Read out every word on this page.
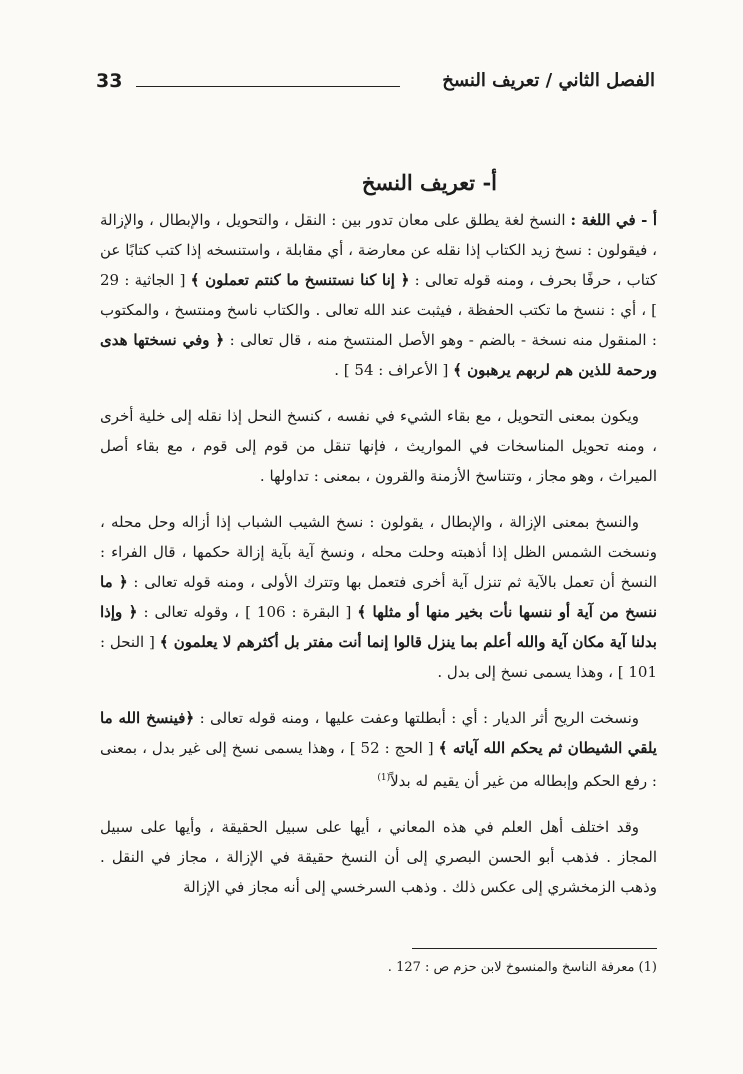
33	الفصل الثاني / تعريف النسخ
أ- تعريف النسخ

أ - في اللغة : النسخ لغة يطلق على معان تدور بين : النقل ، والتحويل ، والإبطال ، والإزالة ، فيقولون : نسخ زيد الكتاب إذا نقله عن معارضة ، أي مقابلة ، واستنسخه إذا كتب كتابًا عن كتاب ، حرفًا بحرف ، ومنه قوله تعالى : ﴿ إنا كنا نستنسخ ما كنتم تعملون ﴾ [ الجاثية : 29 ] ، أي : ننسخ ما تكتب الحفظة ، فيثبت عند الله تعالى . والكتاب ناسخ ومنتسخ ، والمكتوب : المنقول منه نسخة - بالضم - وهو الأصل المنتسخ منه ، قال تعالى : ﴿ وفي نسختها هدى ورحمة للذين هم لربهم يرهبون ﴾ [ الأعراف : 54 ] .

ويكون بمعنى التحويل ، مع بقاء الشيء في نفسه ، كنسخ النحل إذا نقله إلى خلية أخرى ، ومنه تحويل المناسخات في المواريث ، فإنها تنقل من قوم إلى قوم ، مع بقاء أصل الميراث ، وهو مجاز ، وتتناسخ الأزمنة والقرون ، بمعنى : تداولها .

والنسخ بمعنى الإزالة ، والإبطال ، يقولون : نسخ الشيب الشباب إذا أزاله وحل محله ، ونسخت الشمس الظل إذا أذهبته وحلت محله ، ونسخ آية بآية إزالة حكمها ، قال الفراء : النسخ أن تعمل بالآية ثم تنزل آية أخرى فتعمل بها وتترك الأولى ، ومنه قوله تعالى : ﴿ ما ننسخ من آية أو ننسها نأت بخير منها أو مثلها ﴾ [ البقرة : 106 ] ، وقوله تعالى : ﴿ وإذا بدلنا آية مكان آية والله أعلم بما ينزل قالوا إنما أنت مفتر بل أكثرهم لا يعلمون ﴾ [ النحل : 101 ] ، وهذا يسمى نسخ إلى بدل .

ونسخت الريح أثر الديار : أي : أبطلتها وعفت عليها ، ومنه قوله تعالى : ﴿فينسخ الله ما يلقي الشيطان ثم يحكم الله آياته ﴾ [ الحج : 52 ] ، وهذا يسمى نسخ إلى غير بدل ، بمعنى : رفع الحكم وإبطاله من غير أن يقيم له بدلاً$^{(1)}$

وقد اختلف أهل العلم في هذه المعاني ، أيها على سبيل الحقيقة ، وأيها على سبيل المجاز . فذهب أبو الحسن البصري إلى أن النسخ حقيقة في الإزالة ، مجاز في النقل . وذهب الزمخشري إلى عكس ذلك . وذهب السرخسي إلى أنه مجاز في الإزالة

(1) معرفة الناسخ والمنسوخ لابن حزم ص : 127 .
